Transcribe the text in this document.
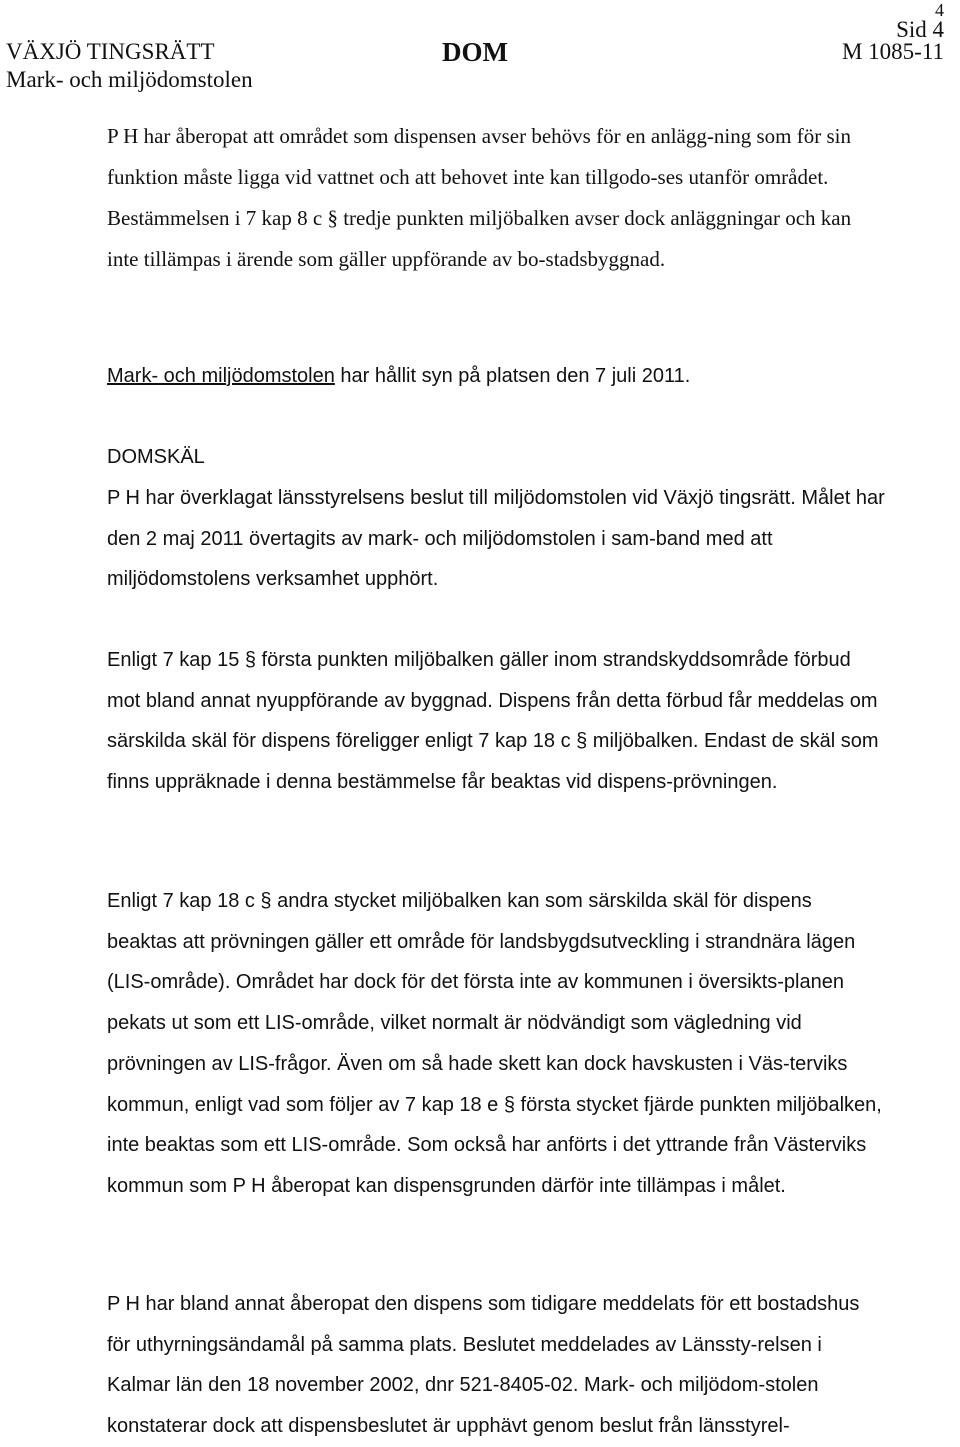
4
VÄXJÖ TINGSRÄTT	DOM	M 1085-11
Sid 4
Mark- och miljödomstolen

P H har åberopat att området som dispensen avser behövs för en anlägg-ning som för sin funktion måste ligga vid vattnet och att behovet inte kan tillgodo-ses utanför området. Bestämmelsen i 7 kap 8 c § tredje punkten miljöbalken avser dock anläggningar och kan inte tillämpas i ärende som gäller uppförande av bo-stadsbyggnad.

Mark- och miljödomstolen har hållit syn på platsen den 7 juli 2011.

DOMSKÄL

P H har överklagat länsstyrelsens beslut till miljödomstolen vid Växjö tingsrätt. Målet har den 2 maj 2011 övertagits av mark- och miljödomstolen i sam-band med att miljödomstolens verksamhet upphört.

Enligt 7 kap 15 § första punkten miljöbalken gäller inom strandskyddsområde förbud mot bland annat nyuppförande av byggnad. Dispens från detta förbud får meddelas om särskilda skäl för dispens föreligger enligt 7 kap 18 c § miljöbalken. Endast de skäl som finns uppräknade i denna bestämmelse får beaktas vid dispens-prövningen.

Enligt 7 kap 18 c § andra stycket miljöbalken kan som särskilda skäl för dispens beaktas att prövningen gäller ett område för landsbygdsutveckling i strandnära lägen (LIS-område). Området har dock för det första inte av kommunen i översikts-planen pekats ut som ett LIS-område, vilket normalt är nödvändigt som vägledning vid prövningen av LIS-frågor. Även om så hade skett kan dock havskusten i Väs-terviks kommun, enligt vad som följer av 7 kap 18 e § första stycket fjärde punkten miljöbalken, inte beaktas som ett LIS-område. Som också har anförts i det yttrande från Västerviks kommun som P H åberopat kan dispensgrunden därför inte tillämpas i målet.

P H har bland annat åberopat den dispens som tidigare meddelats för ett bostadshus för uthyrningsändamål på samma plats. Beslutet meddelades av Länssty-relsen i Kalmar län den 18 november 2002, dnr 521-8405-02. Mark- och miljödom-stolen konstaterar dock att dispensbeslutet är upphävt genom beslut från länsstyrel-
